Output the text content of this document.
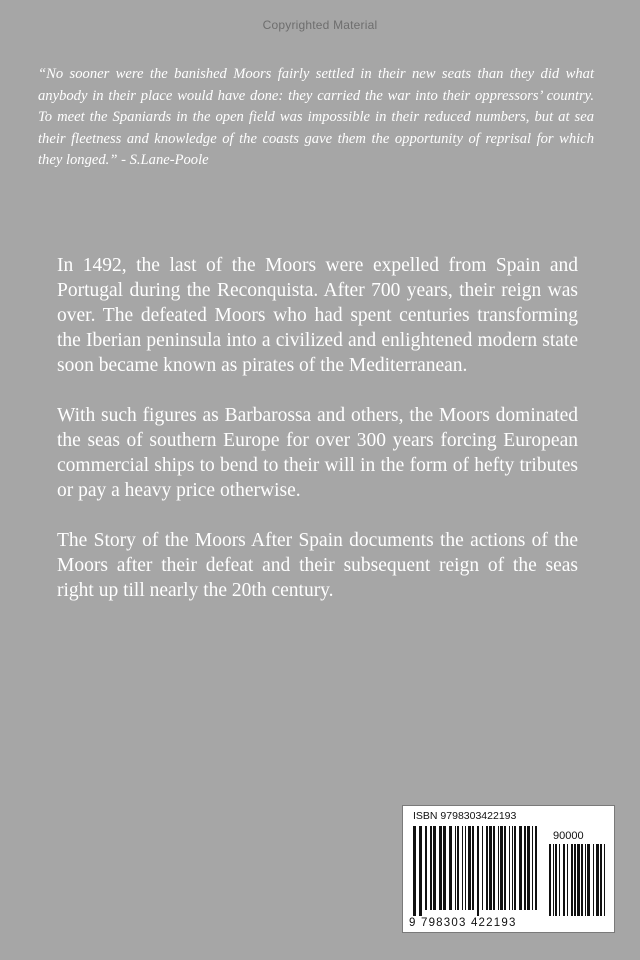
Copyrighted Material
“No sooner were the banished Moors fairly settled in their new seats than they did what anybody in their place would have done: they carried the war into their oppressors’ country. To meet the Spaniards in the open field was impossible in their reduced numbers, but at sea their fleetness and knowledge of the coasts gave them the opportunity of reprisal for which they longed.” - S.Lane-Poole

In 1492, the last of the Moors were expelled from Spain and Portugal during the Reconquista. After 700 years, their reign was over. The defeated Moors who had spent centuries transforming the Iberian peninsula into a civilized and enlightened modern state soon became known as pirates of the Mediterranean.

With such figures as Barbarossa and others, the Moors dominated the seas of southern Europe for over 300 years forcing European commercial ships to bend to their will in the form of hefty tributes or pay a heavy price otherwise.

The Story of the Moors After Spain documents the actions of the Moors after their defeat and their subsequent reign of the seas right up till nearly the 20th century.

ISBN 9798303422193
90000
9 798303 422193
